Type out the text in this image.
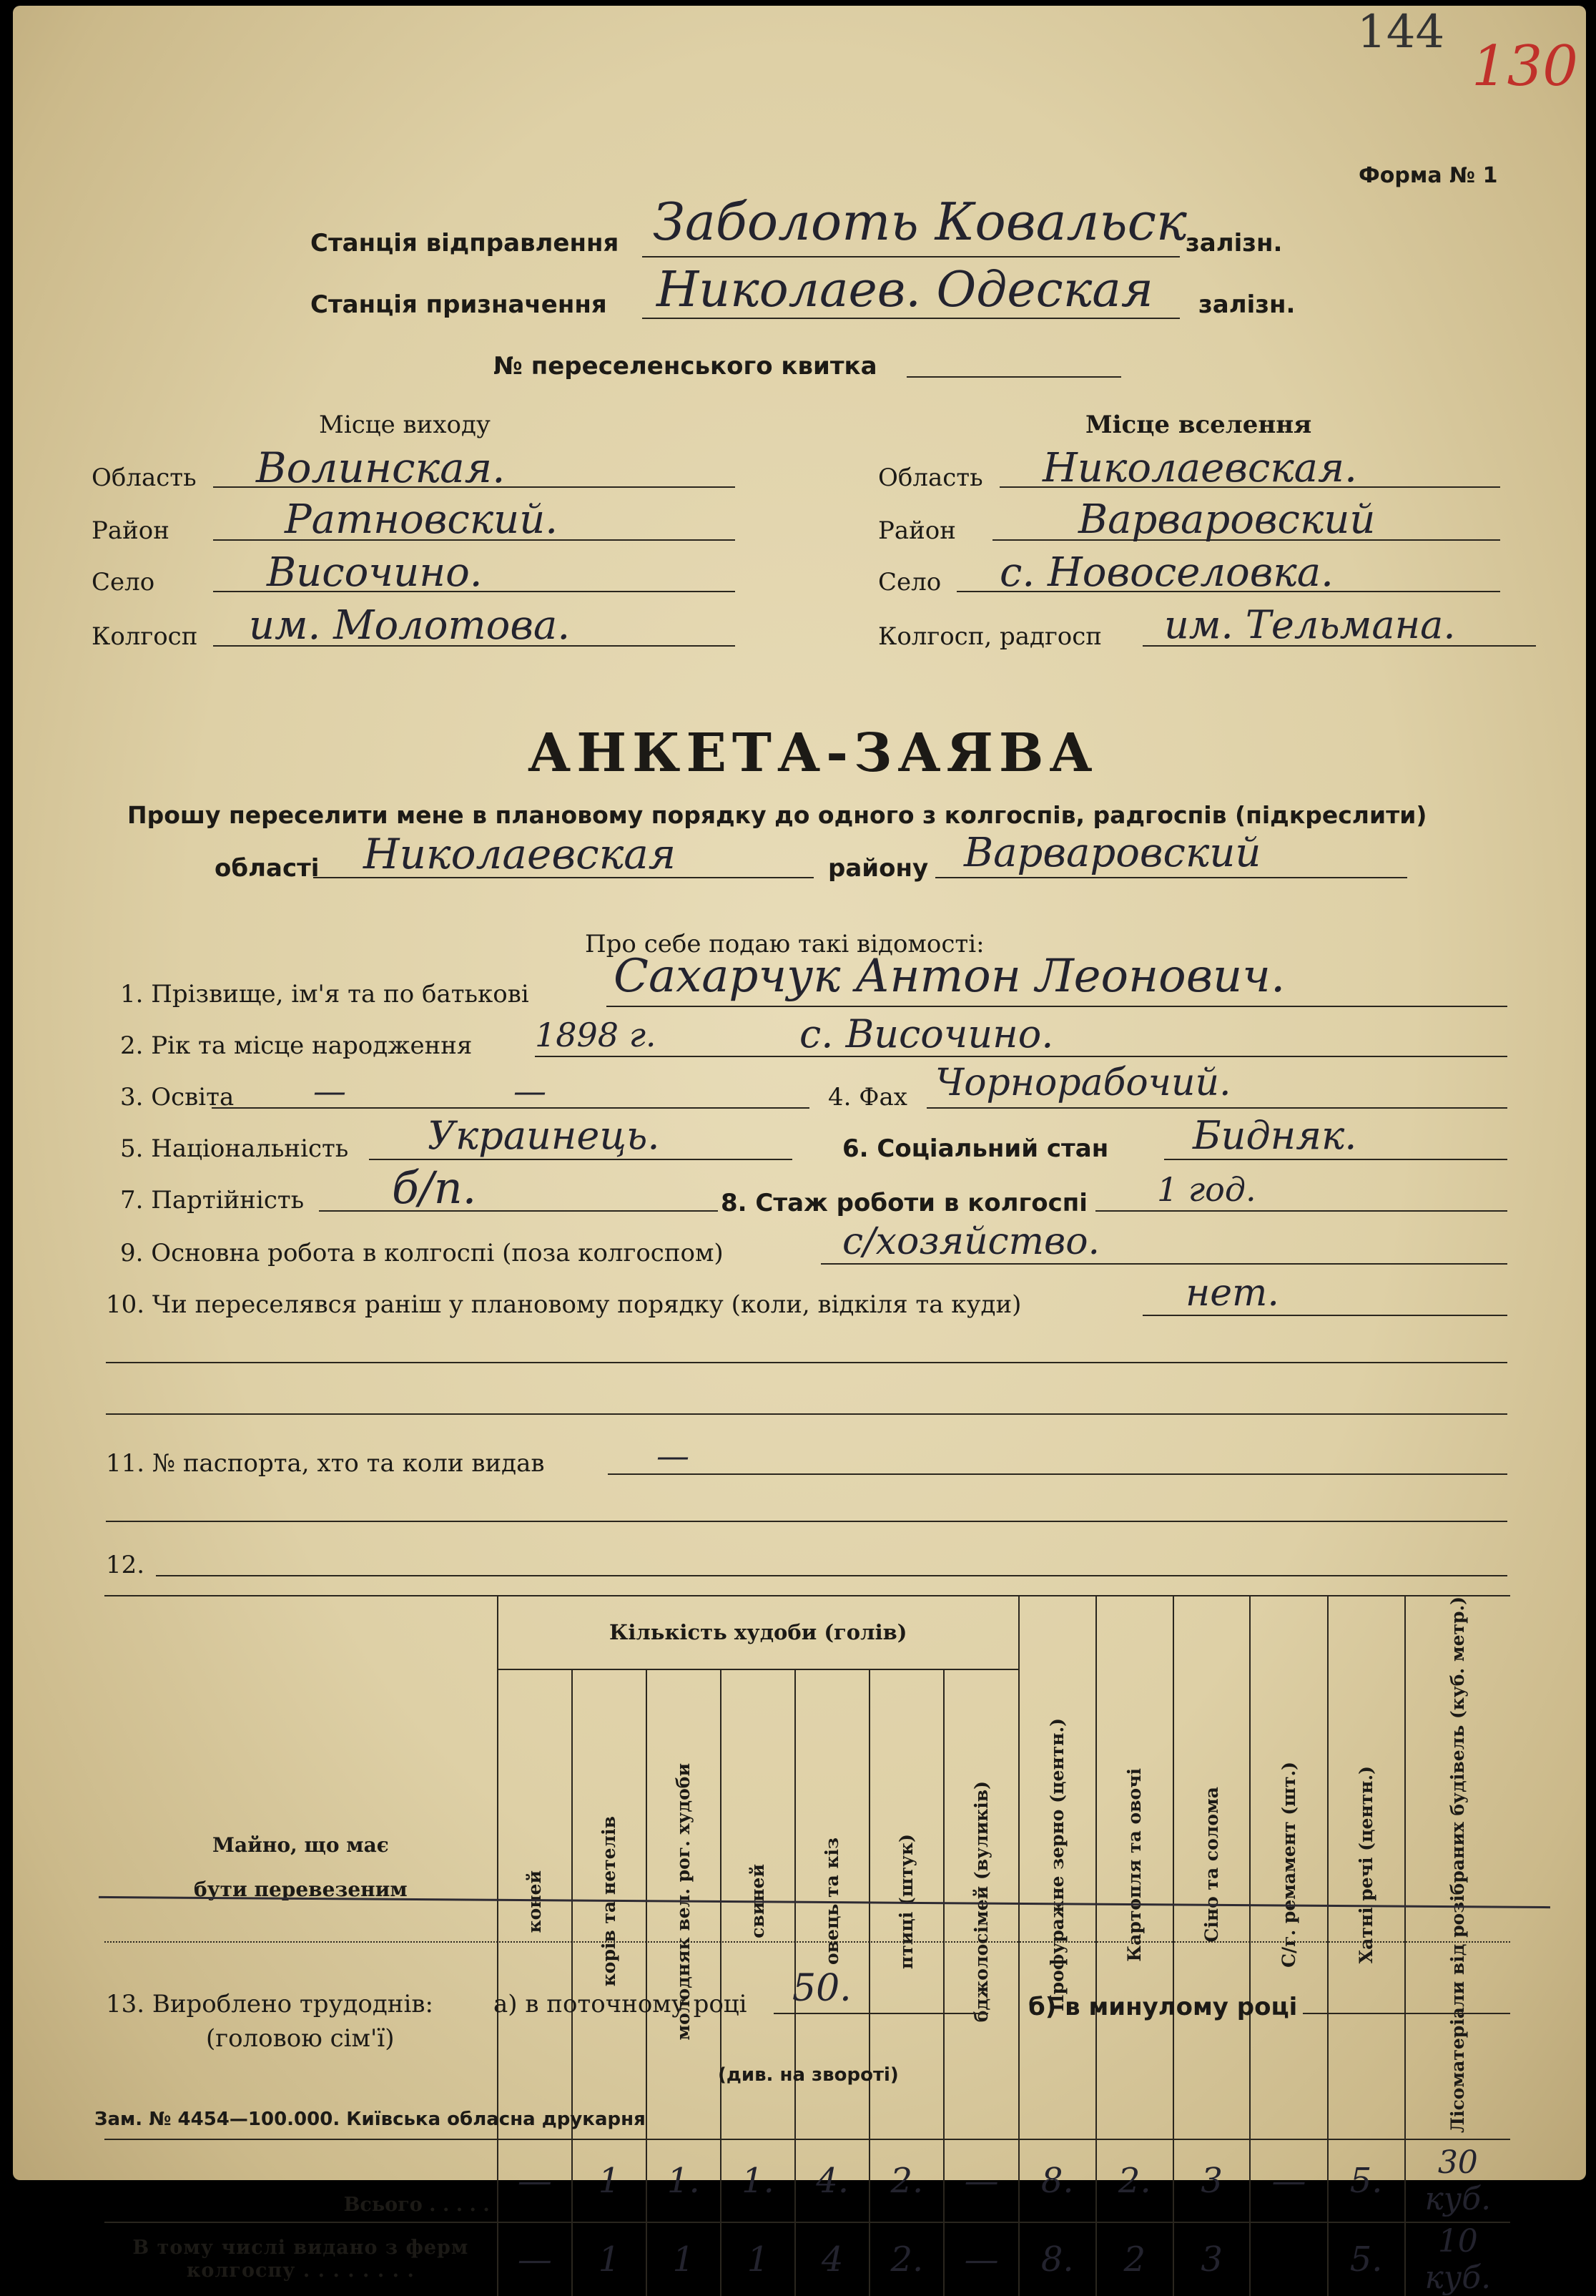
144
130
Форма № 1
Станція відправлення Заболоть Ковальск
залізн.
Станція призначення Николаев. Одеская залізн.
№ переселенського квитка
Місце виходу
Область Волинская.
Район	Ратновский.
Село	Височино.
Колгосп им. Молотова.
Місце вселення
Область Николаевская.
Район	Варваровский
Село с. Новоселовка.
Колгосп, радгосп им. Тельмана.
АНКЕТА-ЗАЯВА
Прошу переселити мене в плановому порядку до одного з колгоспів, радгоспів (підкреслити)
області Николаевская	району Варваровский
Про себе подаю такі відомості:
1. Прізвище, ім'я та по батькові Сахарчук Антон Леонович.
2. Рік та місце народження 1898 г.	с. Височино.
3. Освіта —	—	4. Фах Чорнорабочий.
5. Національність Украинець.	6. Соціальний стан Бидняк.
7. Партійність б/п.	8. Стаж роботи в колгоспі 1 год.
9. Основна робота в колгоспі (поза колгоспом)	с/хозяйство.
10. Чи переселявся раніш у плановому порядку (коли, відкіля та куди)	нет.
11. № паспорта, хто та коли видав	—
12.
Майно, що має бути перевезеним	Кількість худоби (голів)							Профуражне зерно (центн.)	Картопля та овочі	Сіно та солома	С/г. ремамент (шт.)	Хатні речі (центн.)	Лісоматеріали від розібраних будівель (куб. метр.)

	коней	корів та нетелів	молодняк вел. рог. худоби	свиней	овець та кіз	птиці (штук)	бджолосімей (вуликів)						

Всього . . . . .	—	1	1.	1.	4.	2.	—	8.	2.	3	—	5.	30 куб.

В тому числі видано з ферм колгоспу . . . . . . . .	—	1	1	1	4	2.	—	8.	2	3		5.	10 куб.
13. Вироблено трудоднів: а) в поточному році 50.
(головою сім'ї)
б) в минулому році
(див. на звороті)
Зам. № 4454—100.000. Київська обласна друкарня
